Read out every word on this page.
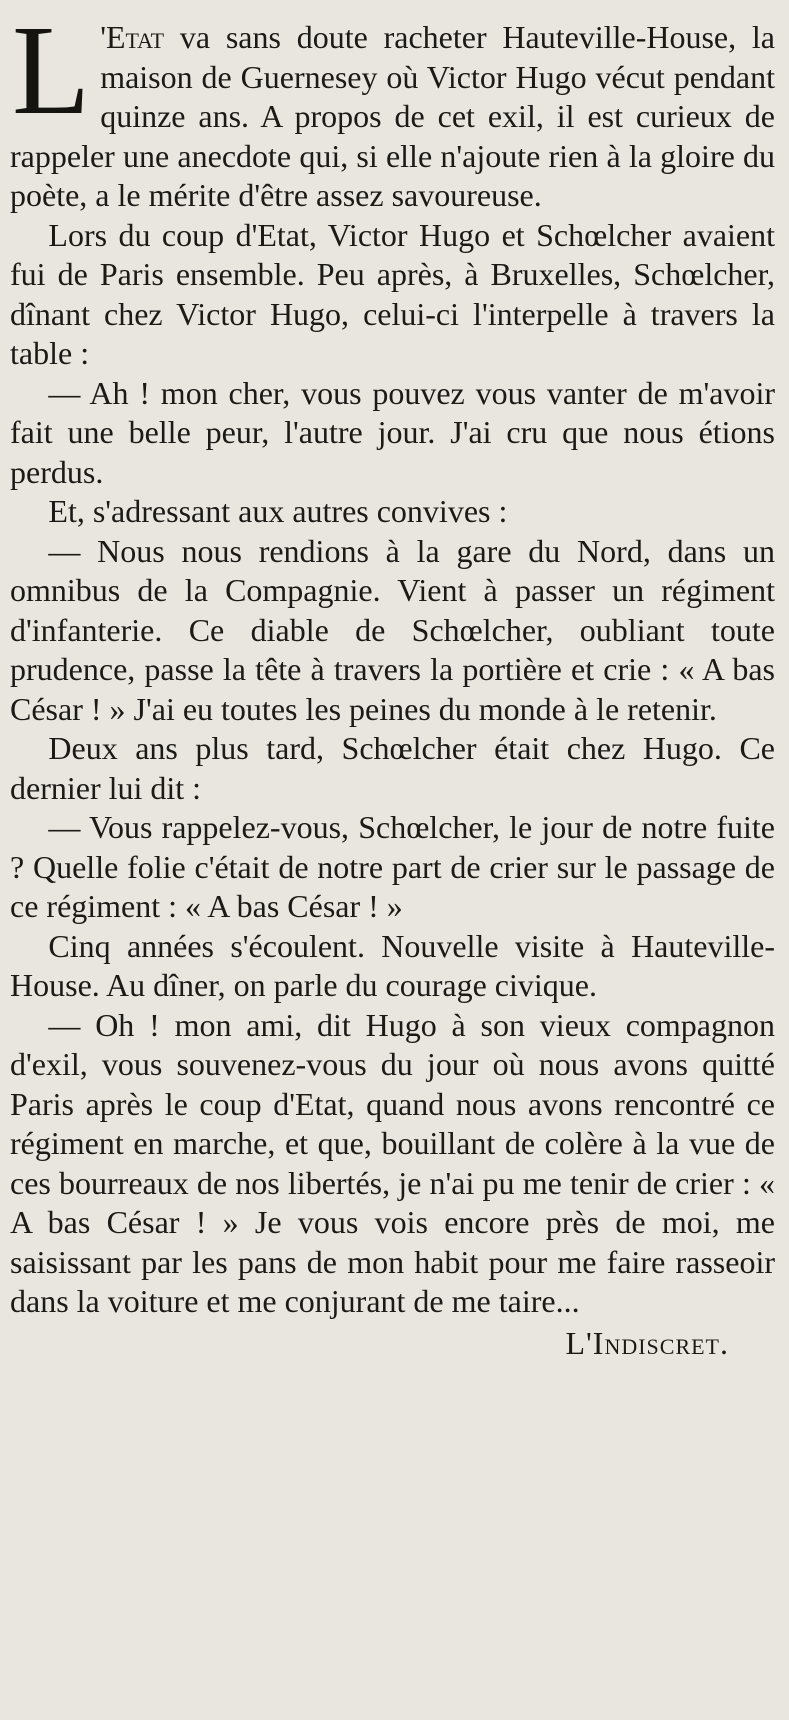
L 'Etat va sans doute racheter Hauteville-House, la maison de Guernesey où Victor Hugo vécut pendant quinze ans. A propos de cet exil, il est curieux de rappeler une anecdote qui, si elle n'ajoute rien à la gloire du poète, a le mérite d'être assez savoureuse.

Lors du coup d'Etat, Victor Hugo et Schœlcher avaient fui de Paris ensemble. Peu après, à Bruxelles, Schœlcher, dînant chez Victor Hugo, celui-ci l'interpelle à travers la table :

— Ah ! mon cher, vous pouvez vous vanter de m'avoir fait une belle peur, l'autre jour. J'ai cru que nous étions perdus.

Et, s'adressant aux autres convives :

— Nous nous rendions à la gare du Nord, dans un omnibus de la Compagnie. Vient à passer un régiment d'infanterie. Ce diable de Schœlcher, oubliant toute prudence, passe la tête à travers la portière et crie : « A bas César ! » J'ai eu toutes les peines du monde à le retenir.

Deux ans plus tard, Schœlcher était chez Hugo. Ce dernier lui dit :

— Vous rappelez-vous, Schœlcher, le jour de notre fuite ? Quelle folie c'était de notre part de crier sur le passage de ce régiment : « A bas César ! »

Cinq années s'écoulent. Nouvelle visite à Hauteville-House. Au dîner, on parle du courage civique.

— Oh ! mon ami, dit Hugo à son vieux compagnon d'exil, vous souvenez-vous du jour où nous avons quitté Paris après le coup d'Etat, quand nous avons rencontré ce régiment en marche, et que, bouillant de colère à la vue de ces bourreaux de nos libertés, je n'ai pu me tenir de crier : « A bas César ! » Je vous vois encore près de moi, me saisissant par les pans de mon habit pour me faire rasseoir dans la voiture et me conjurant de me taire...

L'Indiscret.
